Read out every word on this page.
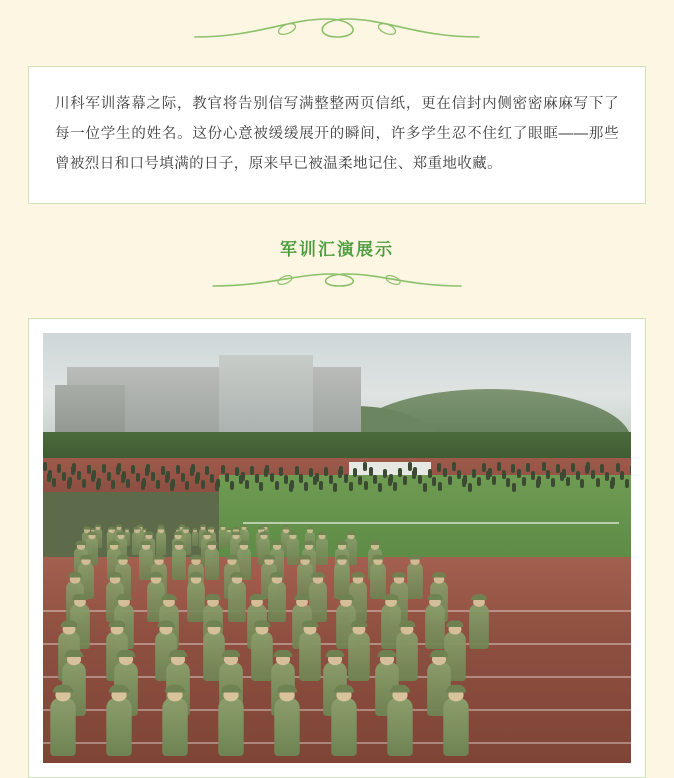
川科军训落幕之际，教官将告别信写满整整两页信纸，更在信封内侧密密麻麻写下了每一位学生的姓名。这份心意被缓缓展开的瞬间，许多学生忍不住红了眼眶——那些曾被烈日和口号填满的日子，原来早已被温柔地记住、郑重地收藏。

军训汇演展示
